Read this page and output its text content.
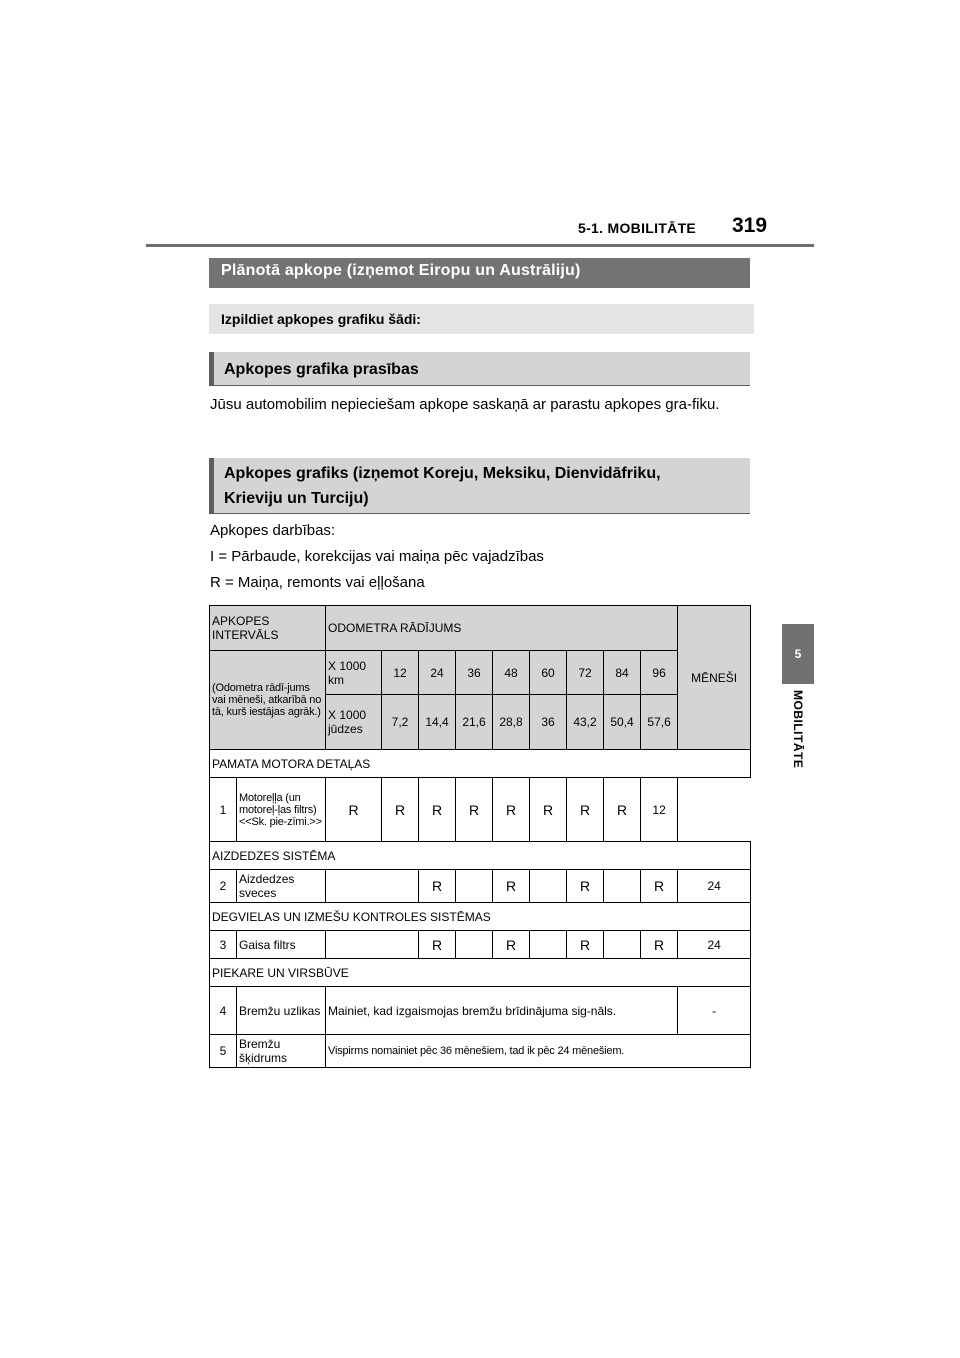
5-1. MOBILITĀTE 319
5
MOBILITĀTE
Plānotā apkope (izņemot Eiropu un Austrāliju)
Izpildiet apkopes grafiku šādi:
Apkopes grafika prasības
Jūsu automobilim nepieciešam apkope saskaņā ar parastu apkopes gra-fiku.
Apkopes grafiks (izņemot Koreju, Meksiku, Dienvidāfriku,
Krieviju un Turciju)
Apkopes darbības:
I = Pārbaude, korekcijas vai maiņa pēc vajadzības
R = Maiņa, remonts vai eļļošana
APKOPES INTERVĀLS		ODOMETRA RĀDĪJUMS									MĒNEŠI
(Odometra rādī-jums vai mēneši, atkarībā no tā, kurš iestājas agrāk.)		X 1000 km	12	24	36	48	60	72	84	96	
		X 1000 jūdzes	7,2	14,4	21,6	28,8	36	43,2	50,4	57,6	
PAMATA MOTORA DETAĻAS											
1	Motoreļļa (un motoreļ-ļas filtrs) <<Sk. pie-zīmi.>>	R	R	R	R	R	R	R	R	12	
AIZDEDZES SISTĒMA											
2	Aizdedzes sveces			R		R		R		R	24
DEGVIELAS UN IZMEŠU KONTROLES SISTĒMAS											
3	Gaisa filtrs			R		R		R		R	24
PIEKARE UN VIRSBŪVE											
4	Bremžu uzlikas	Mainiet, kad izgaismojas bremžu brīdinājuma sig-nāls.									-
5	Bremžu šķidrums	Vispirms nomainiet pēc 36 mēnešiem, tad ik pēc 24 mēnešiem.									
